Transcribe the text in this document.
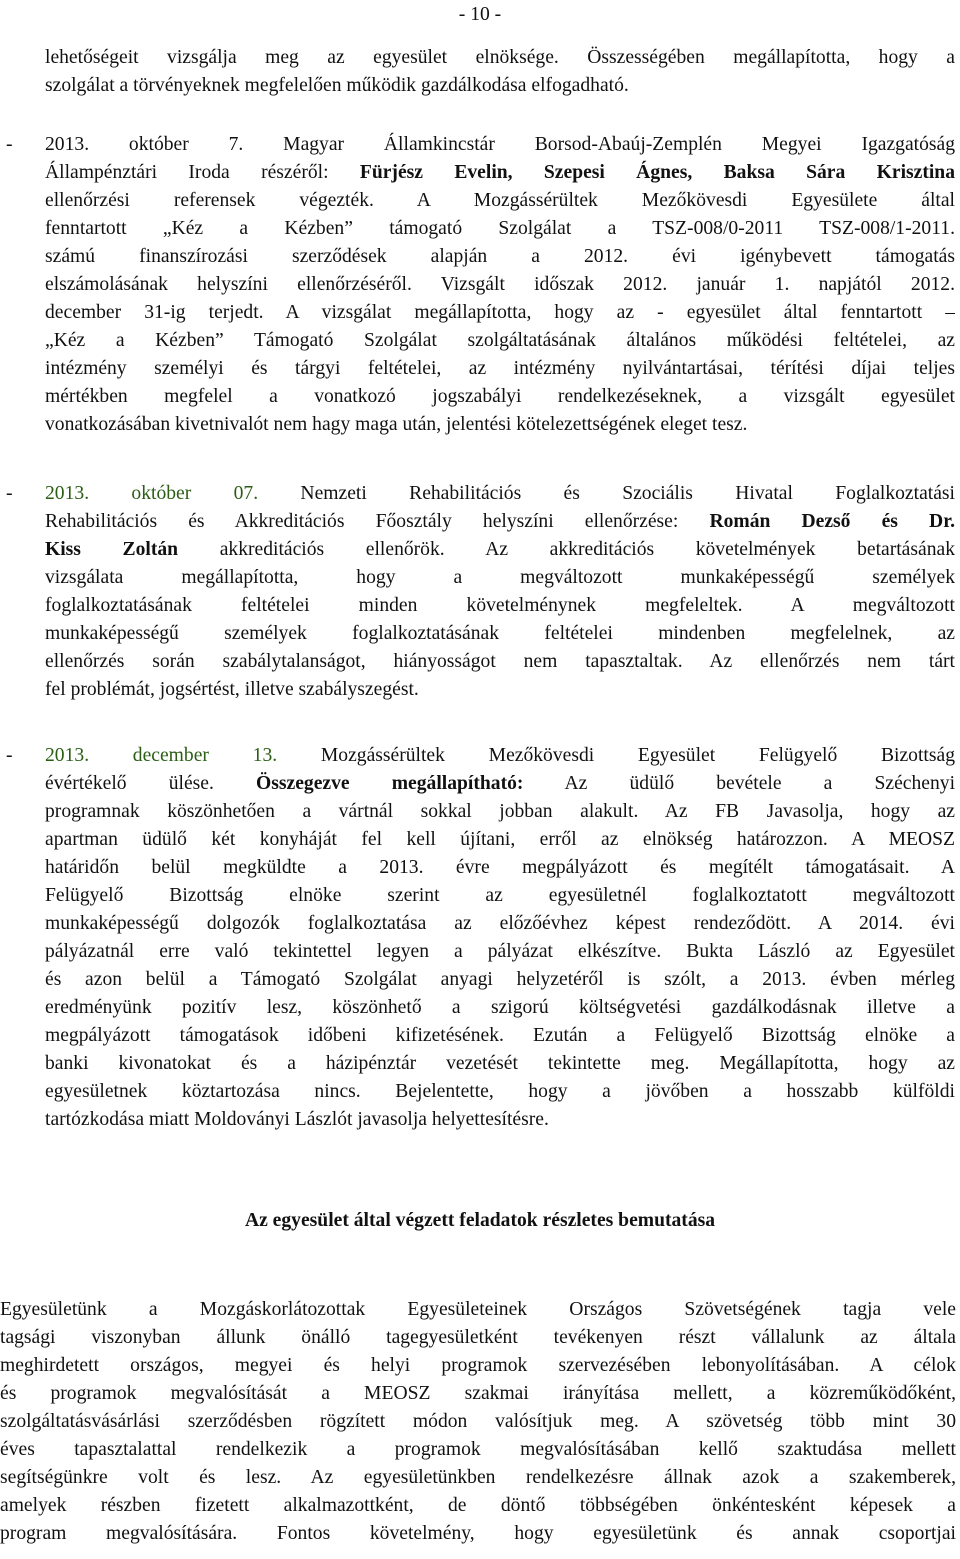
- 10 -
lehetőségeit vizsgálja meg az egyesület elnöksége. Összességében megállapította, hogy a
szolgálat a törvényeknek megfelelően működik gazdálkodása elfogadható.
- 2013. október 7. Magyar Államkincstár Borsod-Abaúj-Zemplén Megyei Igazgatóság
Állampénztári Iroda részéről: Fürjész Evelin, Szepesi Ágnes, Baksa Sára Krisztina
ellenőrzési referensek végezték. A Mozgássérültek Mezőkövesdi Egyesülete által
fenntartott „Kéz a Kézben” támogató Szolgálat a TSZ-008/0-2011 TSZ-008/1-2011.
számú finanszírozási szerződések alapján a 2012. évi igénybevett támogatás
elszámolásának helyszíni ellenőrzéséről. Vizsgált időszak 2012. január 1. napjától 2012.
december 31-ig terjedt. A vizsgálat megállapította, hogy az - egyesület által fenntartott –
„Kéz a Kézben” Támogató Szolgálat szolgáltatásának általános működési feltételei, az
intézmény személyi és tárgyi feltételei, az intézmény nyilvántartásai, térítési díjai teljes
mértékben megfelel a vonatkozó jogszabályi rendelkezéseknek, a vizsgált egyesület
vonatkozásában kivetnivalót nem hagy maga után, jelentési kötelezettségének eleget tesz.
- 2013. október 07. Nemzeti Rehabilitációs és Szociális Hivatal Foglalkoztatási
Rehabilitációs és Akkreditációs Főosztály helyszíni ellenőrzése: Román Dezső és Dr.
Kiss Zoltán akkreditációs ellenőrök. Az akkreditációs követelmények betartásának
vizsgálata megállapította, hogy a megváltozott munkaképességű személyek
foglalkoztatásának feltételei minden követelménynek megfeleltek. A megváltozott
munkaképességű személyek foglalkoztatásának feltételei mindenben megfelelnek, az
ellenőrzés során szabálytalanságot, hiányosságot nem tapasztaltak. Az ellenőrzés nem tárt
fel problémát, jogsértést, illetve szabályszegést.
- 2013. december 13. Mozgássérültek Mezőkövesdi Egyesület Felügyelő Bizottság
évértékelő ülése. Összegezve megállapítható: Az üdülő bevétele a Széchenyi
programnak köszönhetően a vártnál sokkal jobban alakult. Az FB Javasolja, hogy az
apartman üdülő két konyháját fel kell újítani, erről az elnökség határozzon. A MEOSZ
határidőn belül megküldte a 2013. évre megpályázott és megítélt támogatásait. A
Felügyelő Bizottság elnöke szerint az egyesületnél foglalkoztatott megváltozott
munkaképességű dolgozók foglalkoztatása az előzőévhez képest rendeződött. A 2014. évi
pályázatnál erre való tekintettel legyen a pályázat elkészítve. Bukta László az Egyesület
és azon belül a Támogató Szolgálat anyagi helyzetéről is szólt, a 2013. évben mérleg
eredményünk pozitív lesz, köszönhető a szigorú költségvetési gazdálkodásnak illetve a
megpályázott támogatások időbeni kifizetésének. Ezután a Felügyelő Bizottság elnöke a
banki kivonatokat és a házipénztár vezetését tekintette meg. Megállapította, hogy az
egyesületnek köztartozása nincs. Bejelentette, hogy a jövőben a hosszabb külföldi
tartózkodása miatt Moldoványi Lászlót javasolja helyettesítésre.
Az egyesület által végzett feladatok részletes bemutatása
Egyesületünk a Mozgáskorlátozottak Egyesületeinek Országos Szövetségének tagja vele
tagsági viszonyban állunk önálló tagegyesületként tevékenyen részt vállalunk az általa
meghirdetett országos, megyei és helyi programok szervezésében lebonyolításában. A célok
és programok megvalósítását a MEOSZ szakmai irányítása mellett, a közreműködőként,
szolgáltatásvásárlási szerződésben rögzített módon valósítjuk meg. A szövetség több mint 30
éves tapasztalattal rendelkezik a programok megvalósításában kellő szaktudása mellett
segítségünkre volt és lesz. Az egyesületünkben rendelkezésre állnak azok a szakemberek,
amelyek részben fizetett alkalmazottként, de döntő többségében önkéntesként képesek a
program megvalósítására. Fontos követelmény, hogy egyesületünk és annak csoportjai
